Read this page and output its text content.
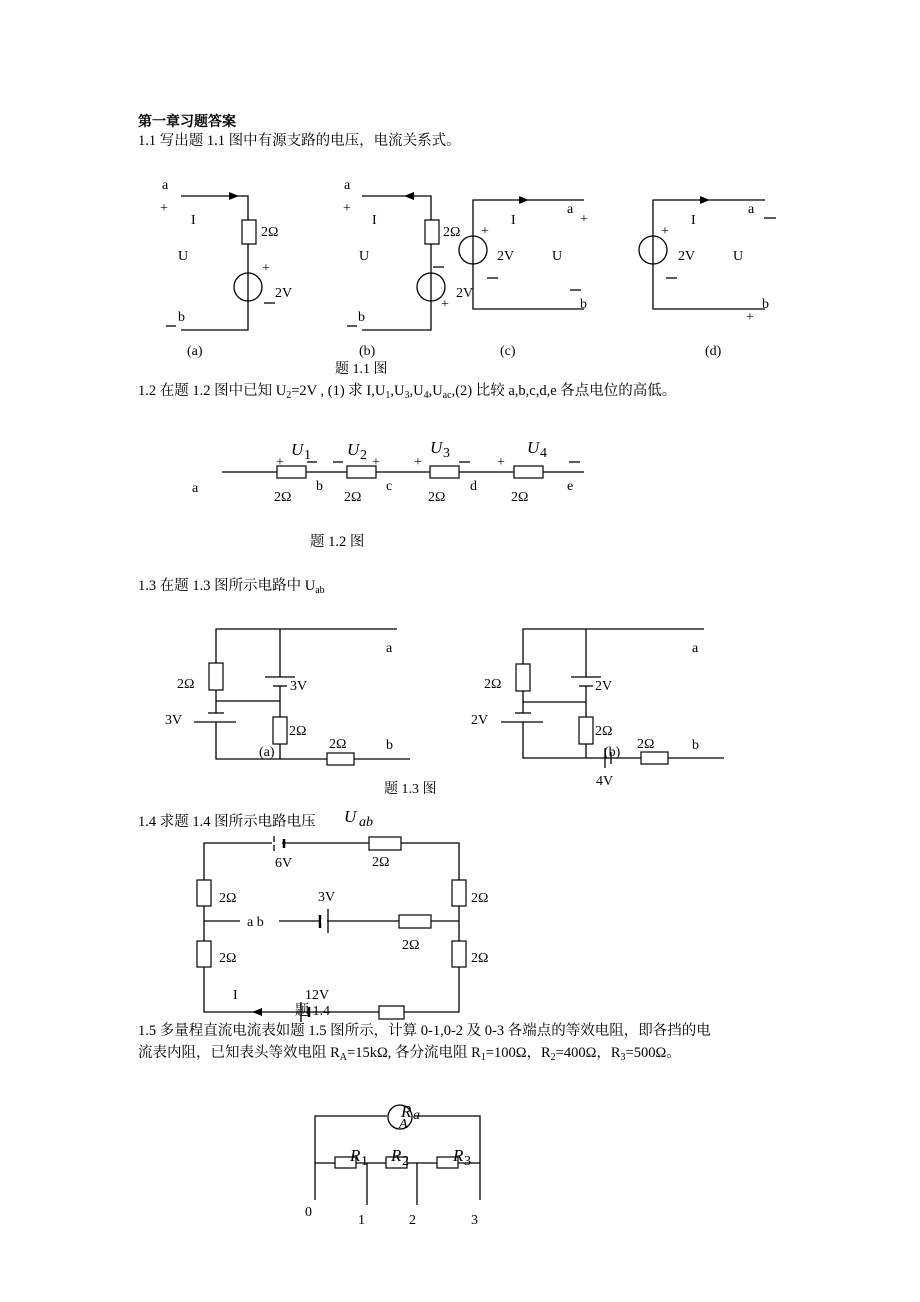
第一章习题答案
1.1 写出题 1.1 图中有源支路的电压，电流关系式。
1.2 在题 1.2 图中已知 $U_2=2V$ , (1) 求 $I,U_1,U_3,U_4,U_{ac},(2)$ 比较 a,b,c,d,e 各点电位的高低。
题 1.2 图
1.3 在题 1.3 图所示电路中 $U_{ab}$
1.4 求题 1.4 图所示电路电压
1.5 多量程直流电流表如题 1.5 图所示，计算 0-1,0-2 及 0-3 各端点的等效电阻，即各挡的电
流表内阻，已知表头等效电阻 $R_A=15k\Omega$, 各分流电阻 $R_1=100\Omega$，$R_2=400\Omega$，$R_3=500\Omega$。
a
+
I
U
2Ω
+
2V
b
(a)
a
+
I
U
2Ω
2V
+
b
(b)
题 1.1 图
+
I
2V	U
a
+
b
(c)
+
I
2V	U
a
b
+
(d)
a	b	c	d	e
2Ω	2Ω	2Ω	2Ω
U 1 U 2	U 3	U 4
+	+ +	+
2Ω	3V
3V
2Ω
2Ω
(a)
a
b
2Ω	2V
2V
2Ω
2Ω
(b)
4V
a
b
题 1.3 图
U ab
6V	2Ω
2Ω	2Ω
3V
a b
2Ω
2Ω	2Ω
I	12V
题 1.4
R a
A
R 1 R 2	R 3
0
1	2	3
